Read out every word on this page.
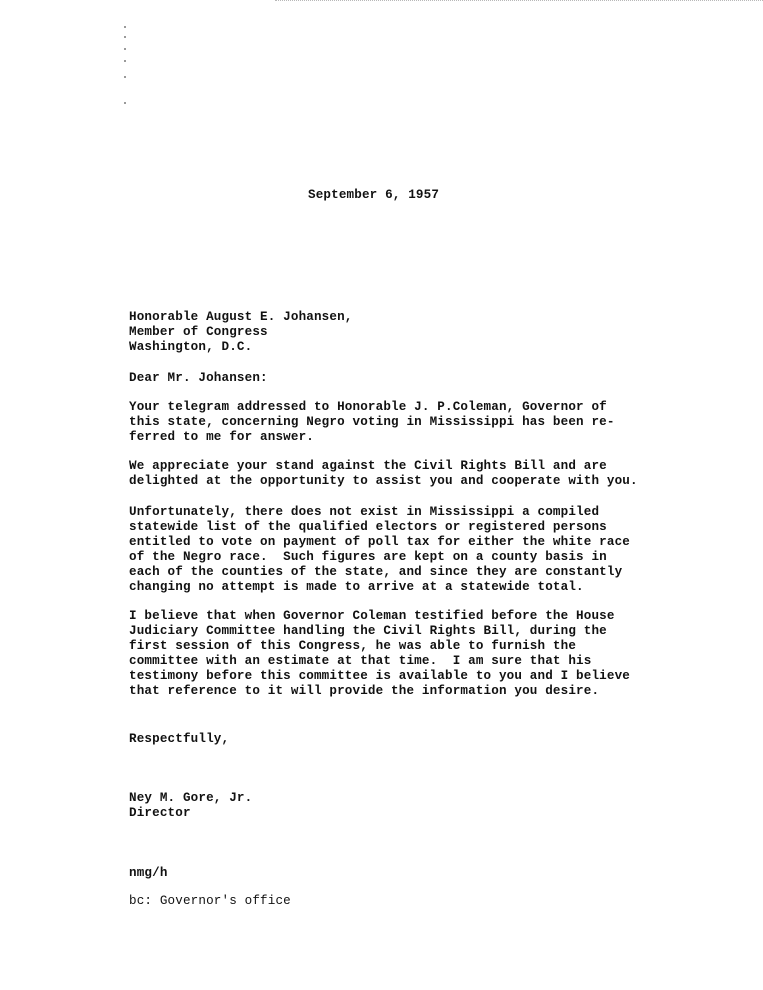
September 6, 1957
Honorable August E. Johansen,
Member of Congress
Washington, D.C.
Dear Mr. Johansen:
Your telegram addressed to Honorable J. P.Coleman, Governor of
this state, concerning Negro voting in Mississippi has been re-
ferred to me for answer.
We appreciate your stand against the Civil Rights Bill and are
delighted at the opportunity to assist you and cooperate with you.
Unfortunately, there does not exist in Mississippi a compiled
statewide list of the qualified electors or registered persons
entitled to vote on payment of poll tax for either the white race
of the Negro race.  Such figures are kept on a county basis in
each of the counties of the state, and since they are constantly
changing no attempt is made to arrive at a statewide total.
I believe that when Governor Coleman testified before the House
Judiciary Committee handling the Civil Rights Bill, during the
first session of this Congress, he was able to furnish the
committee with an estimate at that time.  I am sure that his
testimony before this committee is available to you and I believe
that reference to it will provide the information you desire.
Respectfully,
Ney M. Gore, Jr.
Director
nmg/h
bc: Governor's office
